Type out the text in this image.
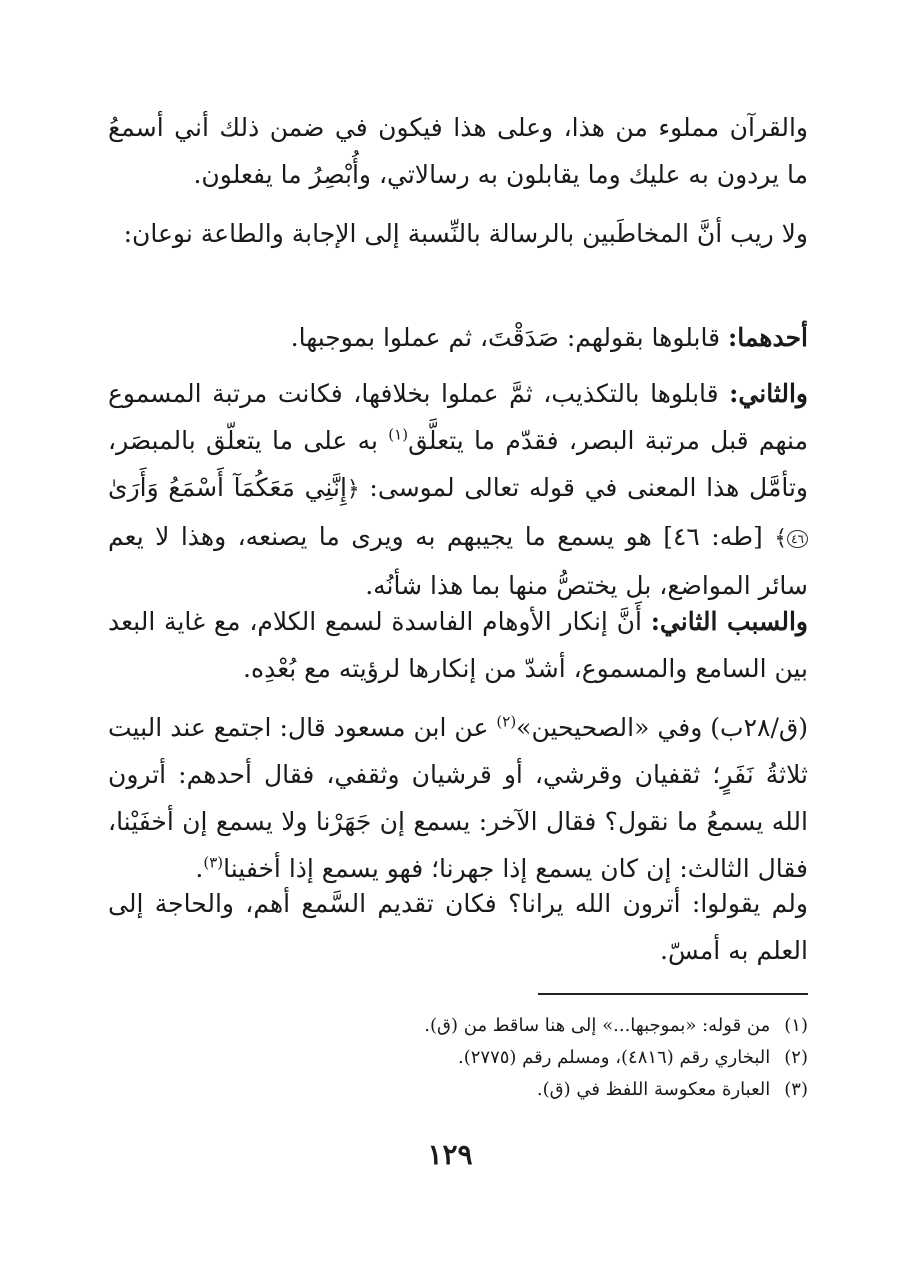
والقرآن مملوء من هذا، وعلى هذا فيكون في ضمن ذلك أني أسمعُ ما يردون به عليك وما يقابلون به رسالاتي، وأُبْصِرُ ما يفعلون.

ولا ريب أنَّ المخاطَبين بالرسالة بالنِّسبة إلى الإجابة والطاعة نوعان:

أحدهما: قابلوها بقولهم: صَدَقْتَ، ثم عملوا بموجبها.

والثاني: قابلوها بالتكذيب، ثمَّ عملوا بخلافها، فكانت مرتبة المسموع منهم قبل مرتبة البصر، فقدّم ما يتعلَّق$^{(١)}$ به على ما يتعلّق بالمبصَر، وتأمَّل هذا المعنى في قوله تعالى لموسى: ﴿إِنَّنِي مَعَكُمَآ أَسْمَعُ وَأَرَىٰ ٤٦﴾ [طه: ٤٦] هو يسمع ما يجيبهم به ويرى ما يصنعه، وهذا لا يعم سائر المواضع، بل يختصُّ منها بما هذا شأنُه.

والسبب الثاني: أَنَّ إنكار الأوهام الفاسدة لسمع الكلام، مع غاية البعد بين السامع والمسموع، أشدّ من إنكارها لرؤيته مع بُعْدِه.

(ق/٢٨ب) وفي «الصحيحين»$^{(٢)}$ عن ابن مسعود قال: اجتمع عند البيت ثلاثةُ نَفَرٍ؛ ثقفيان وقرشي، أو قرشيان وثقفي، فقال أحدهم: أترون الله يسمعُ ما نقول؟ فقال الآخر: يسمع إن جَهَرْنا ولا يسمع إن أخفَيْنا، فقال الثالث: إن كان يسمع إذا جهرنا؛ فهو يسمع إذا أخفينا$^{(٣)}$.

ولم يقولوا: أترون الله يرانا؟ فكان تقديم السَّمع أهم، والحاجة إلى العلم به أمسّ.

(١)من قوله: «بموجبها...» إلى هنا ساقط من (ق).

(٢)البخاري رقم (٤٨١٦)، ومسلم رقم (٢٧٧٥).

(٣)العبارة معكوسة اللفظ في (ق).

١٢٩
